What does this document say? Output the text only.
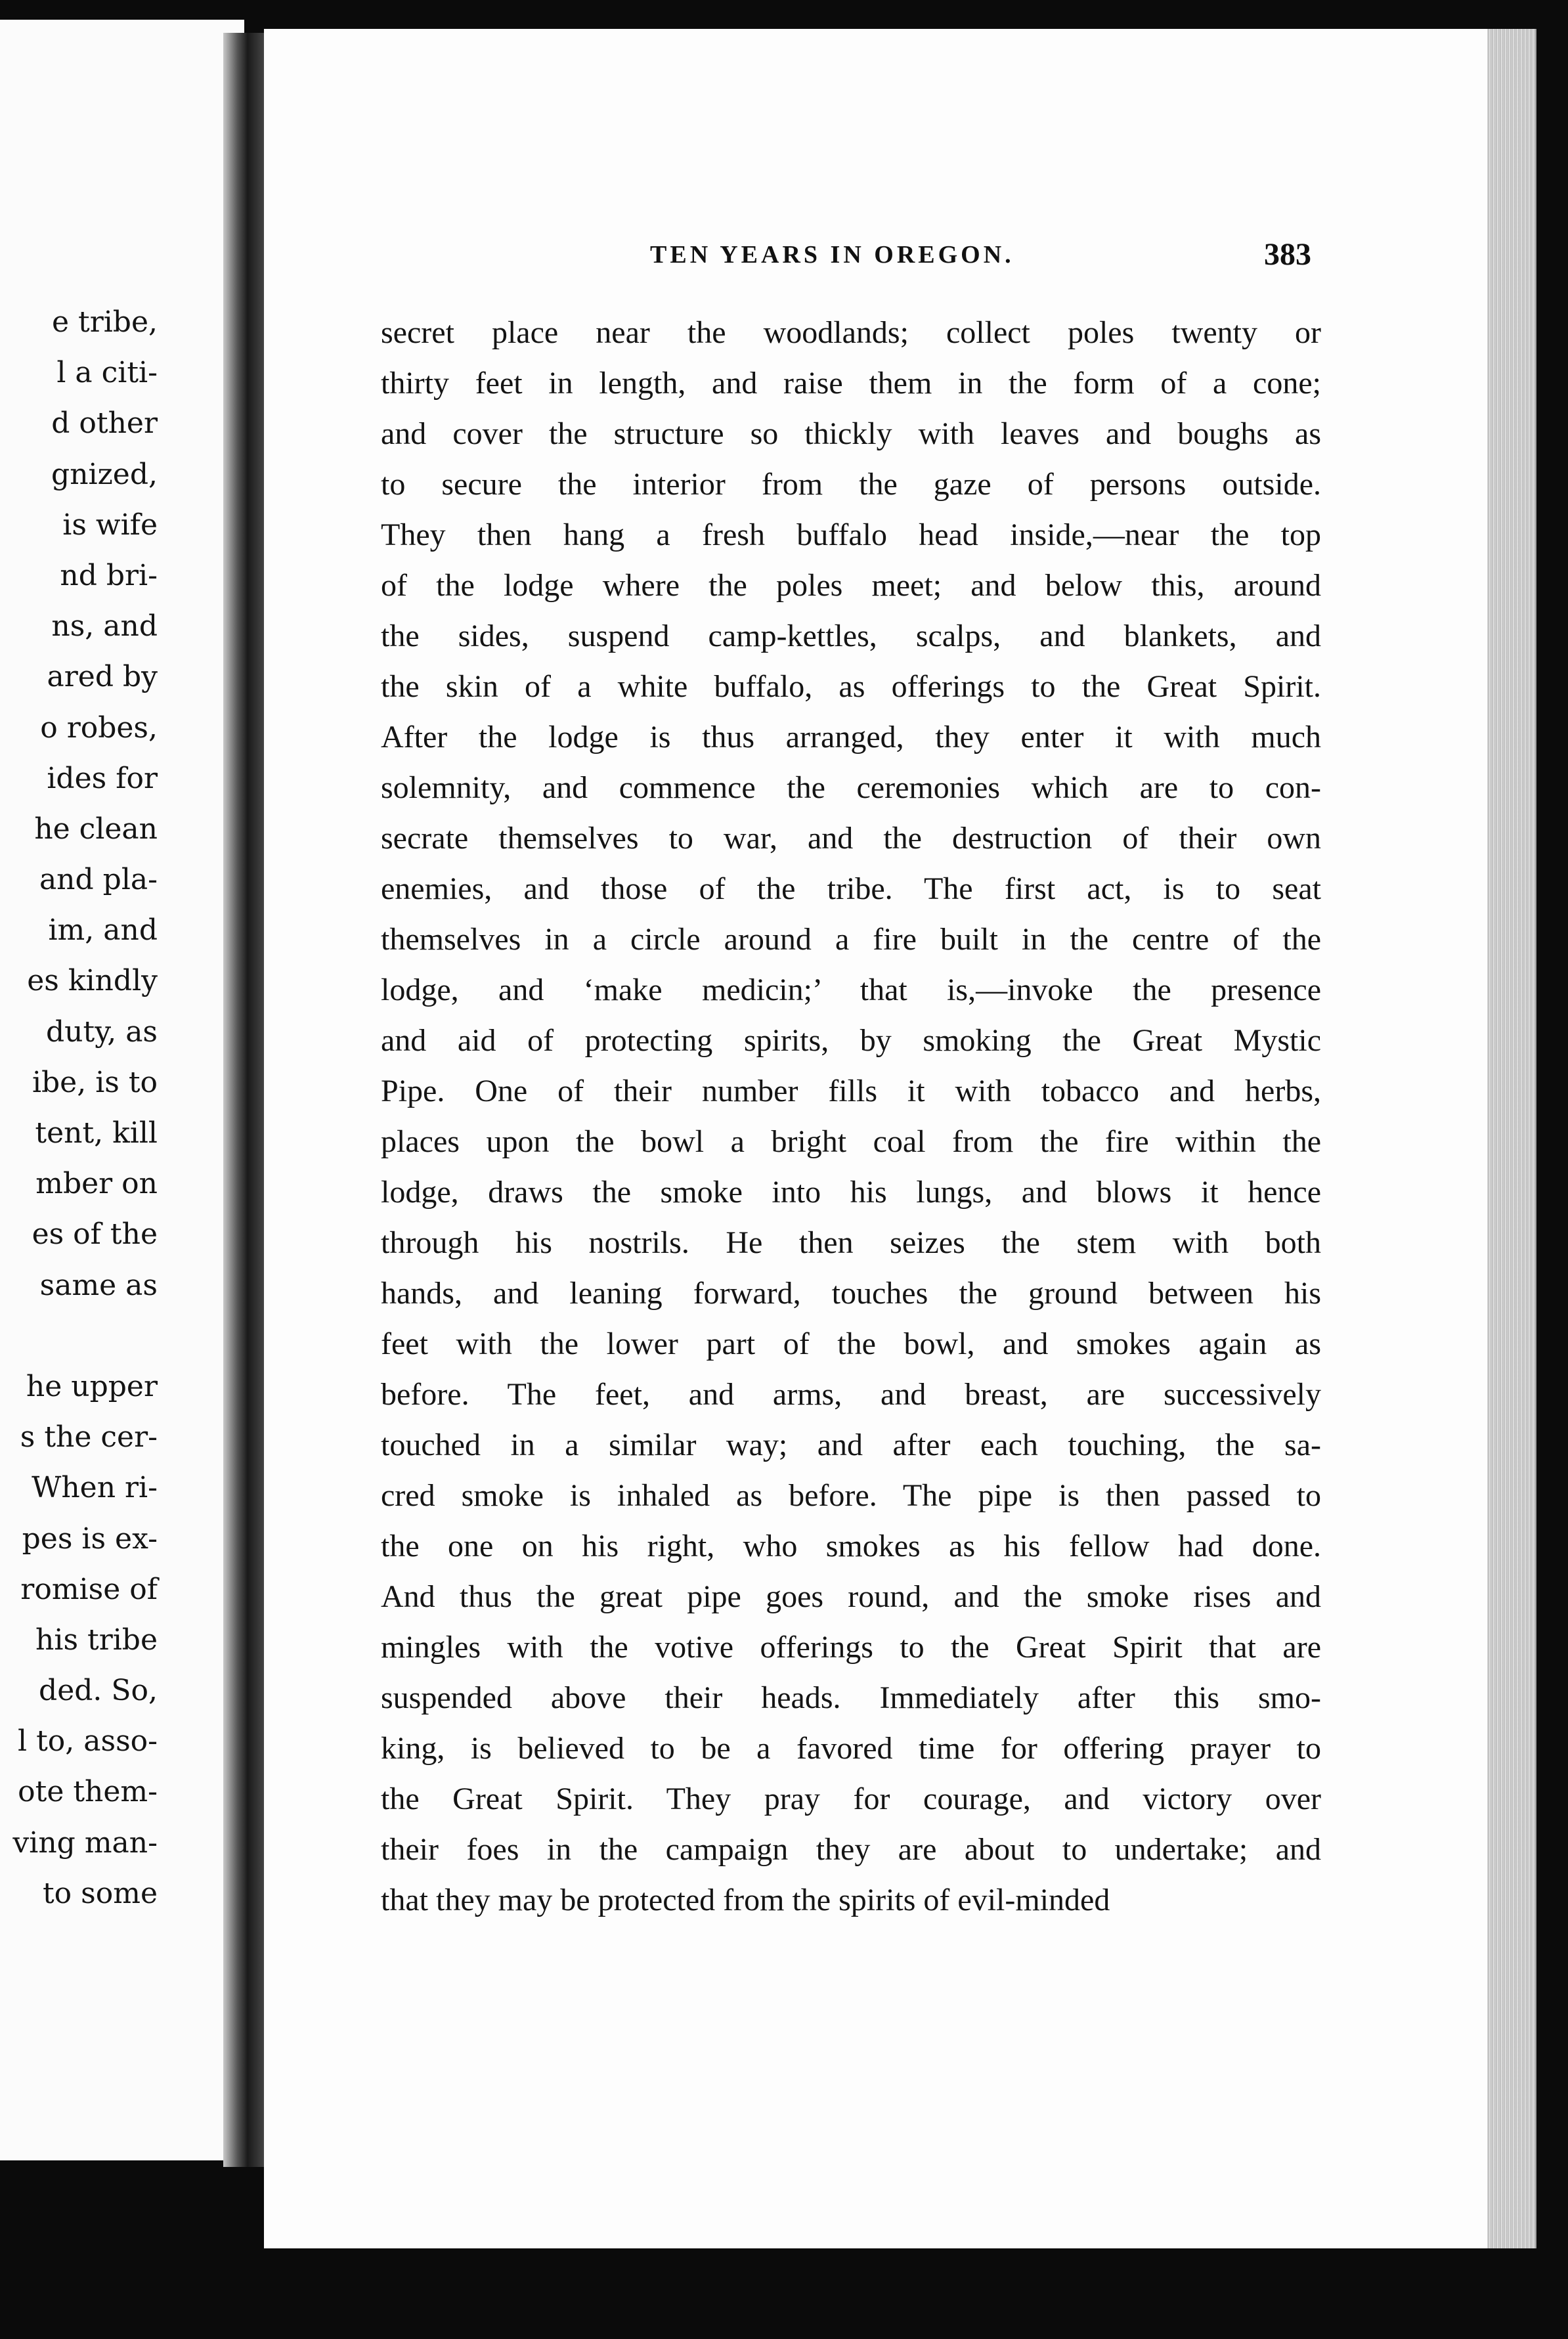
e tribe,
l a citi-
d other
gnized,
is wife
nd bri-
ns, and
ared by
o robes,
ides for
he clean
and pla-
im, and
es kindly
duty, as
ibe, is to
tent, kill
mber on
es of the
same as
he upper
s the cer-
When ri-
pes is ex-
romise of
his tribe
ded. So,
l to, asso-
ote them-
ving man-
to some
TEN YEARS IN OREGON.	383
secret place near the woodlands; collect poles twenty or
thirty feet in length, and raise them in the form of a cone;
and cover the structure so thickly with leaves and boughs as
to secure the interior from the gaze of persons outside.
They then hang a fresh buffalo head inside,—near the top
of the lodge where the poles meet; and below this, around
the sides, suspend camp-kettles, scalps, and blankets, and
the skin of a white buffalo, as offerings to the Great Spirit.
After the lodge is thus arranged, they enter it with much
solemnity, and commence the ceremonies which are to con-
secrate themselves to war, and the destruction of their own
enemies, and those of the tribe. The first act, is to seat
themselves in a circle around a fire built in the centre of the
lodge, and ‘make medicin;’ that is,—invoke the presence
and aid of protecting spirits, by smoking the Great Mystic
Pipe. One of their number fills it with tobacco and herbs,
places upon the bowl a bright coal from the fire within the
lodge, draws the smoke into his lungs, and blows it hence
through his nostrils. He then seizes the stem with both
hands, and leaning forward, touches the ground between his
feet with the lower part of the bowl, and smokes again as
before. The feet, and arms, and breast, are successively
touched in a similar way; and after each touching, the sa-
cred smoke is inhaled as before. The pipe is then passed to
the one on his right, who smokes as his fellow had done.
And thus the great pipe goes round, and the smoke rises and
mingles with the votive offerings to the Great Spirit that are
suspended above their heads. Immediately after this smo-
king, is believed to be a favored time for offering prayer to
the Great Spirit. They pray for courage, and victory over
their foes in the campaign they are about to undertake; and
that they may be protected from the spirits of evil-minded
